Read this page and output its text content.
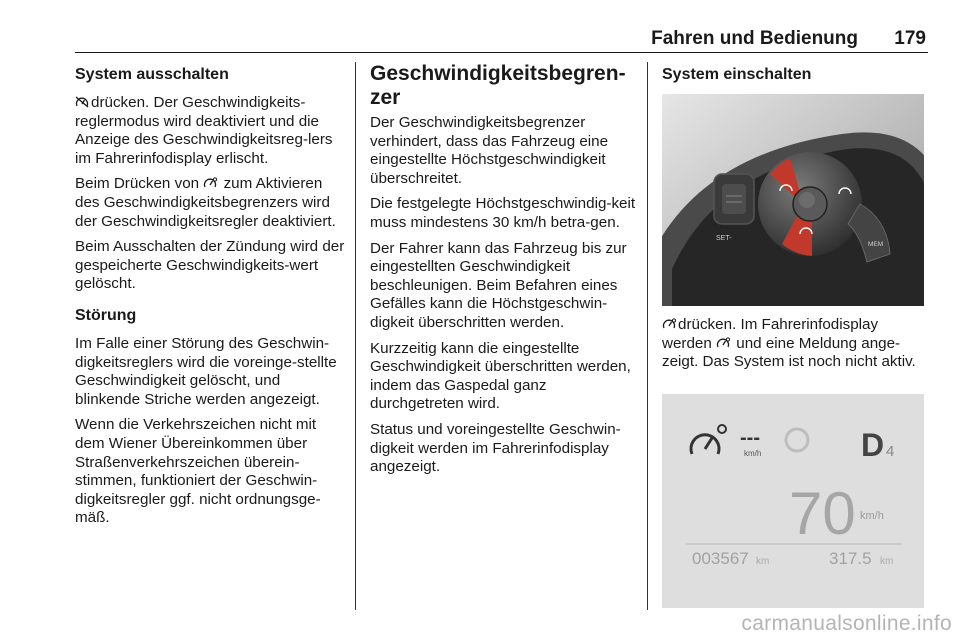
Fahren und Bedienung 179
System ausschalten

drücken. Der Geschwindigkeits-reglermodus wird deaktiviert und die Anzeige des Geschwindigkeitsreg-lers im Fahrerinfodisplay erlischt.

Beim Drücken von zum Aktivieren des Geschwindigkeitsbegrenzers wird der Geschwindigkeitsregler deaktiviert.

Beim Ausschalten der Zündung wird der gespeicherte Geschwindigkeits-wert gelöscht.

Störung

Im Falle einer Störung des Geschwin-digkeitsreglers wird die voreinge-stellte Geschwindigkeit gelöscht, und blinkende Striche werden angezeigt.

Wenn die Verkehrszeichen nicht mit dem Wiener Übereinkommen über Straßenverkehrszeichen überein-stimmen, funktioniert der Geschwin-digkeitsregler ggf. nicht ordnungsge-mäß.

Geschwindigkeitsbegren-zer

Der Geschwindigkeitsbegrenzer verhindert, dass das Fahrzeug eine eingestellte Höchstgeschwindigkeit überschreitet.

Die festgelegte Höchstgeschwindig-keit muss mindestens 30 km/h betra-gen.

Der Fahrer kann das Fahrzeug bis zur eingestellten Geschwindigkeit beschleunigen. Beim Befahren eines Gefälles kann die Höchstgeschwin-digkeit überschritten werden.

Kurzzeitig kann die eingestellte Geschwindigkeit überschritten werden, indem das Gaspedal ganz durchgetreten wird.

Status und voreingestellte Geschwin-digkeit werden im Fahrerinfodisplay angezeigt.

System einschalten
RES+
SET-
MEM

drücken. Im Fahrerinfodisplay werden und eine Meldung ange-zeigt. Das System ist noch nicht aktiv.

---
km/h	D 4
70 km/h
003567 km	317.5 km
carmanualsonline.info
